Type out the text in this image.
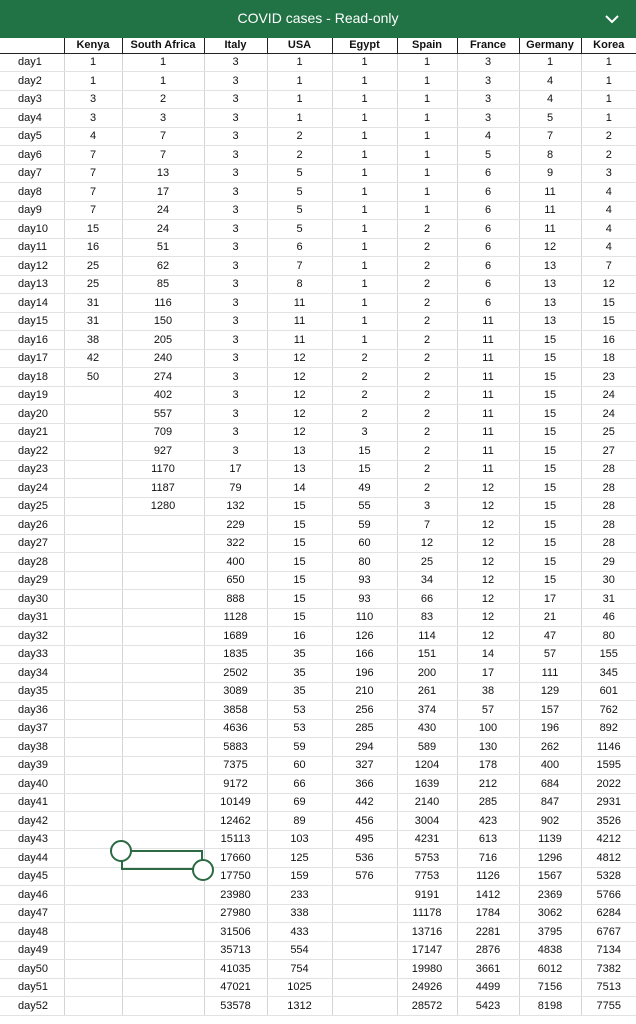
COVID cases - Read-only
	Kenya	South Africa	Italy	USA	Egypt	Spain	France	Germany	Korea
day1	1	1	3	1	1	1	3	1	1
day2	1	1	3	1	1	1	3	4	1
day3	3	2	3	1	1	1	3	4	1
day4	3	3	3	1	1	1	3	5	1
day5	4	7	3	2	1	1	4	7	2
day6	7	7	3	2	1	1	5	8	2
day7	7	13	3	5	1	1	6	9	3
day8	7	17	3	5	1	1	6	11	4
day9	7	24	3	5	1	1	6	11	4
day10	15	24	3	5	1	2	6	11	4
day11	16	51	3	6	1	2	6	12	4
day12	25	62	3	7	1	2	6	13	7
day13	25	85	3	8	1	2	6	13	12
day14	31	116	3	11	1	2	6	13	15
day15	31	150	3	11	1	2	11	13	15
day16	38	205	3	11	1	2	11	15	16
day17	42	240	3	12	2	2	11	15	18
day18	50	274	3	12	2	2	11	15	23
day19		402	3	12	2	2	11	15	24
day20		557	3	12	2	2	11	15	24
day21		709	3	12	3	2	11	15	25
day22		927	3	13	15	2	11	15	27
day23		1170	17	13	15	2	11	15	28
day24		1187	79	14	49	2	12	15	28
day25		1280	132	15	55	3	12	15	28
day26			229	15	59	7	12	15	28
day27			322	15	60	12	12	15	28
day28			400	15	80	25	12	15	29
day29			650	15	93	34	12	15	30
day30			888	15	93	66	12	17	31
day31			1128	15	110	83	12	21	46
day32			1689	16	126	114	12	47	80
day33			1835	35	166	151	14	57	155
day34			2502	35	196	200	17	111	345
day35			3089	35	210	261	38	129	601
day36			3858	53	256	374	57	157	762
day37			4636	53	285	430	100	196	892
day38			5883	59	294	589	130	262	1146
day39			7375	60	327	1204	178	400	1595
day40			9172	66	366	1639	212	684	2022
day41			10149	69	442	2140	285	847	2931
day42			12462	89	456	3004	423	902	3526
day43			15113	103	495	4231	613	1139	4212
day44			17660	125	536	5753	716	1296	4812
day45			17750	159	576	7753	1126	1567	5328
day46			23980	233		9191	1412	2369	5766
day47			27980	338		11178	1784	3062	6284
day48			31506	433		13716	2281	3795	6767
day49			35713	554		17147	2876	4838	7134
day50			41035	754		19980	3661	6012	7382
day51			47021	1025		24926	4499	7156	7513
day52			53578	1312		28572	5423	8198	7755
